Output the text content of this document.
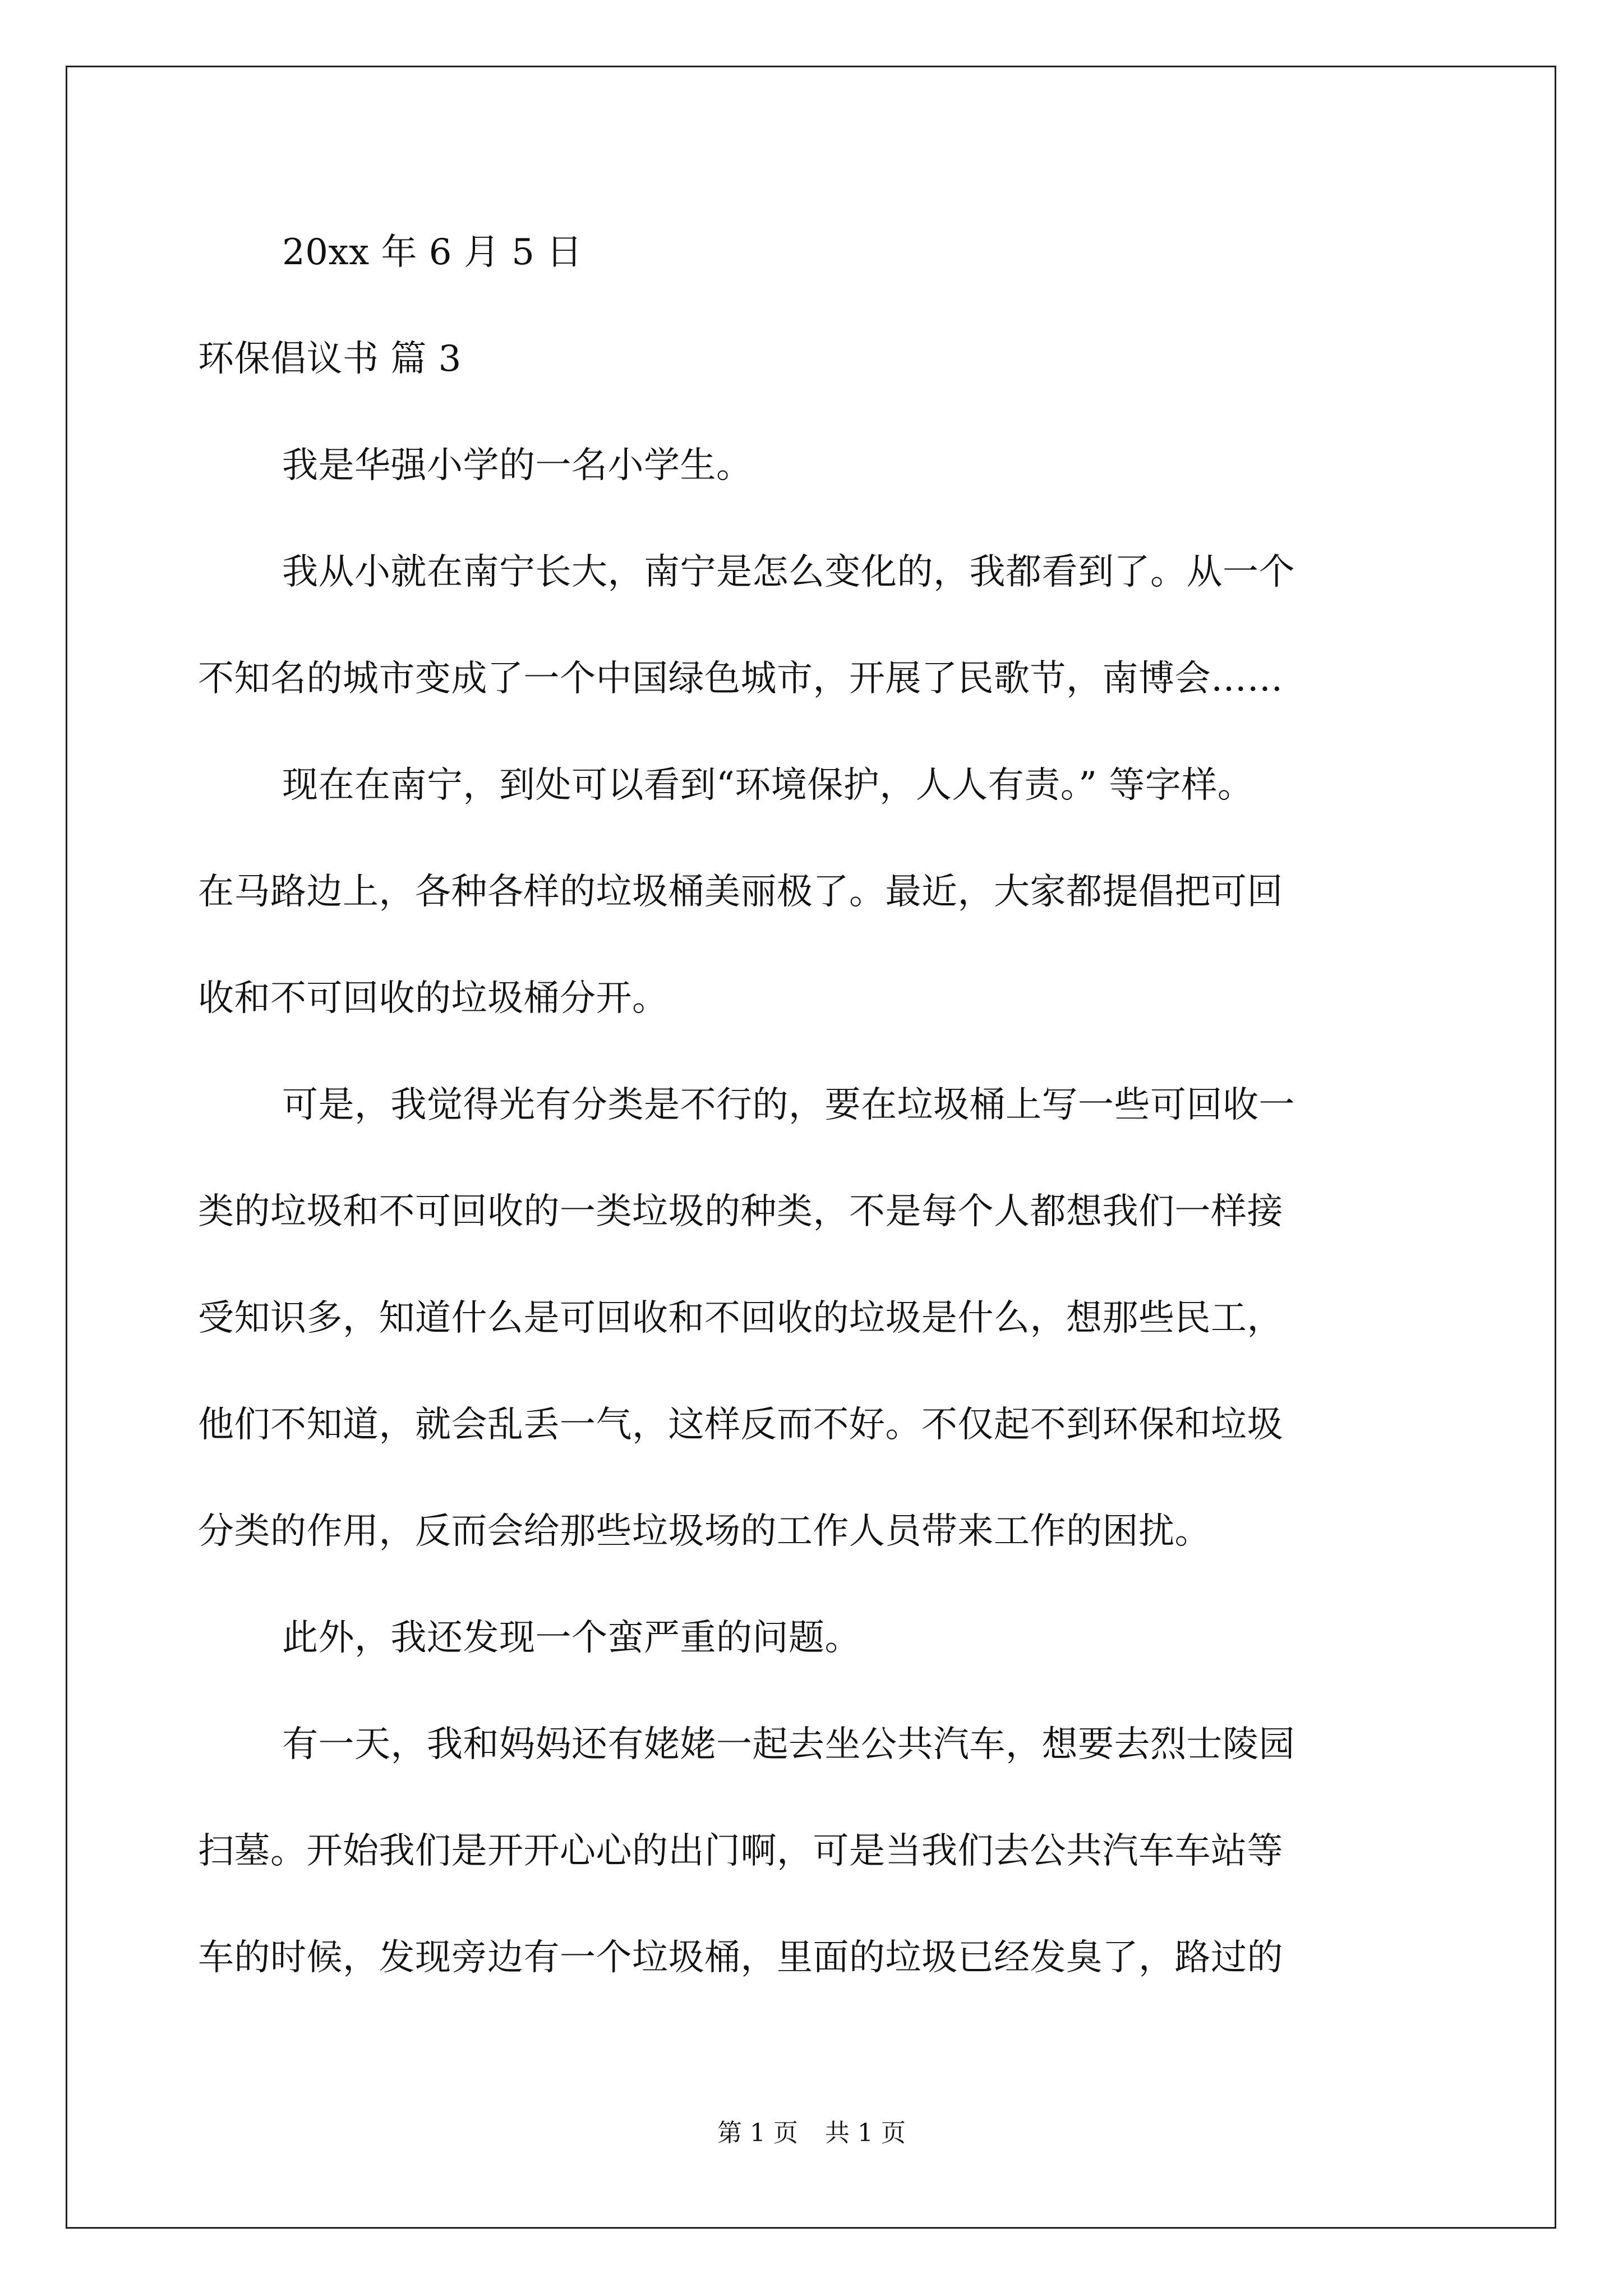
20xx 年 6 月 5 日
环保倡议书 篇 3
我是华强小学的一名小学生。
我从小就在南宁长大，南宁是怎么变化的，我都看到了。从一个
不知名的城市变成了一个中国绿色城市，开展了民歌节，南博会……
现在在南宁，到处可以看到“环境保护，人人有责。” 等字样。
在马路边上，各种各样的垃圾桶美丽极了。最近，大家都提倡把可回
收和不可回收的垃圾桶分开。
可是，我觉得光有分类是不行的，要在垃圾桶上写一些可回收一
类的垃圾和不可回收的一类垃圾的种类，不是每个人都想我们一样接
受知识多，知道什么是可回收和不回收的垃圾是什么，想那些民工，
他们不知道，就会乱丢一气，这样反而不好。不仅起不到环保和垃圾
分类的作用，反而会给那些垃圾场的工作人员带来工作的困扰。
此外，我还发现一个蛮严重的问题。
有一天，我和妈妈还有姥姥一起去坐公共汽车，想要去烈士陵园
扫墓。开始我们是开开心心的出门啊，可是当我们去公共汽车车站等
车的时候，发现旁边有一个垃圾桶，里面的垃圾已经发臭了，路过的
第 1 页 共 1 页
